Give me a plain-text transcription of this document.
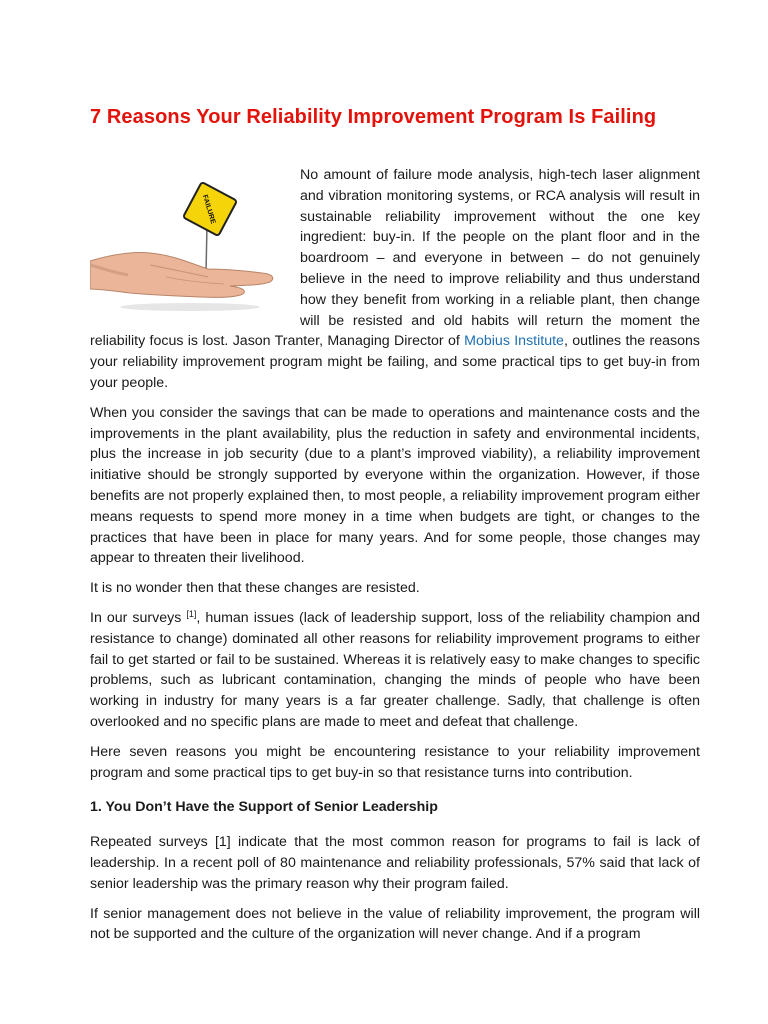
7 Reasons Your Reliability Improvement Program Is Failing
FAILURE

No amount of failure mode analysis, high-tech laser alignment and vibration monitoring systems, or RCA analysis will result in sustainable reliability improvement without the one key ingredient: buy-in. If the people on the plant floor and in the boardroom – and everyone in between – do not genuinely believe in the need to improve reliability and thus understand how they benefit from working in a reliable plant, then change will be resisted and old habits will return the moment the reliability focus is lost. Jason Tranter, Managing Director of Mobius Institute, outlines the reasons your reliability improvement program might be failing, and some practical tips to get buy-in from your people.

When you consider the savings that can be made to operations and maintenance costs and the improvements in the plant availability, plus the reduction in safety and environmental incidents, plus the increase in job security (due to a plant’s improved viability), a reliability improvement initiative should be strongly supported by everyone within the organization. However, if those benefits are not properly explained then, to most people, a reliability improvement program either means requests to spend more money in a time when budgets are tight, or changes to the practices that have been in place for many years. And for some people, those changes may appear to threaten their livelihood.

It is no wonder then that these changes are resisted.

In our surveys [1], human issues (lack of leadership support, loss of the reliability champion and resistance to change) dominated all other reasons for reliability improvement programs to either fail to get started or fail to be sustained. Whereas it is relatively easy to make changes to specific problems, such as lubricant contamination, changing the minds of people who have been working in industry for many years is a far greater challenge. Sadly, that challenge is often overlooked and no specific plans are made to meet and defeat that challenge.

Here seven reasons you might be encountering resistance to your reliability improvement program and some practical tips to get buy-in so that resistance turns into contribution.

1. You Don’t Have the Support of Senior Leadership

Repeated surveys [1] indicate that the most common reason for programs to fail is lack of leadership. In a recent poll of 80 maintenance and reliability professionals, 57% said that lack of senior leadership was the primary reason why their program failed.

If senior management does not believe in the value of reliability improvement, the program will not be supported and the culture of the organization will never change. And if a program
